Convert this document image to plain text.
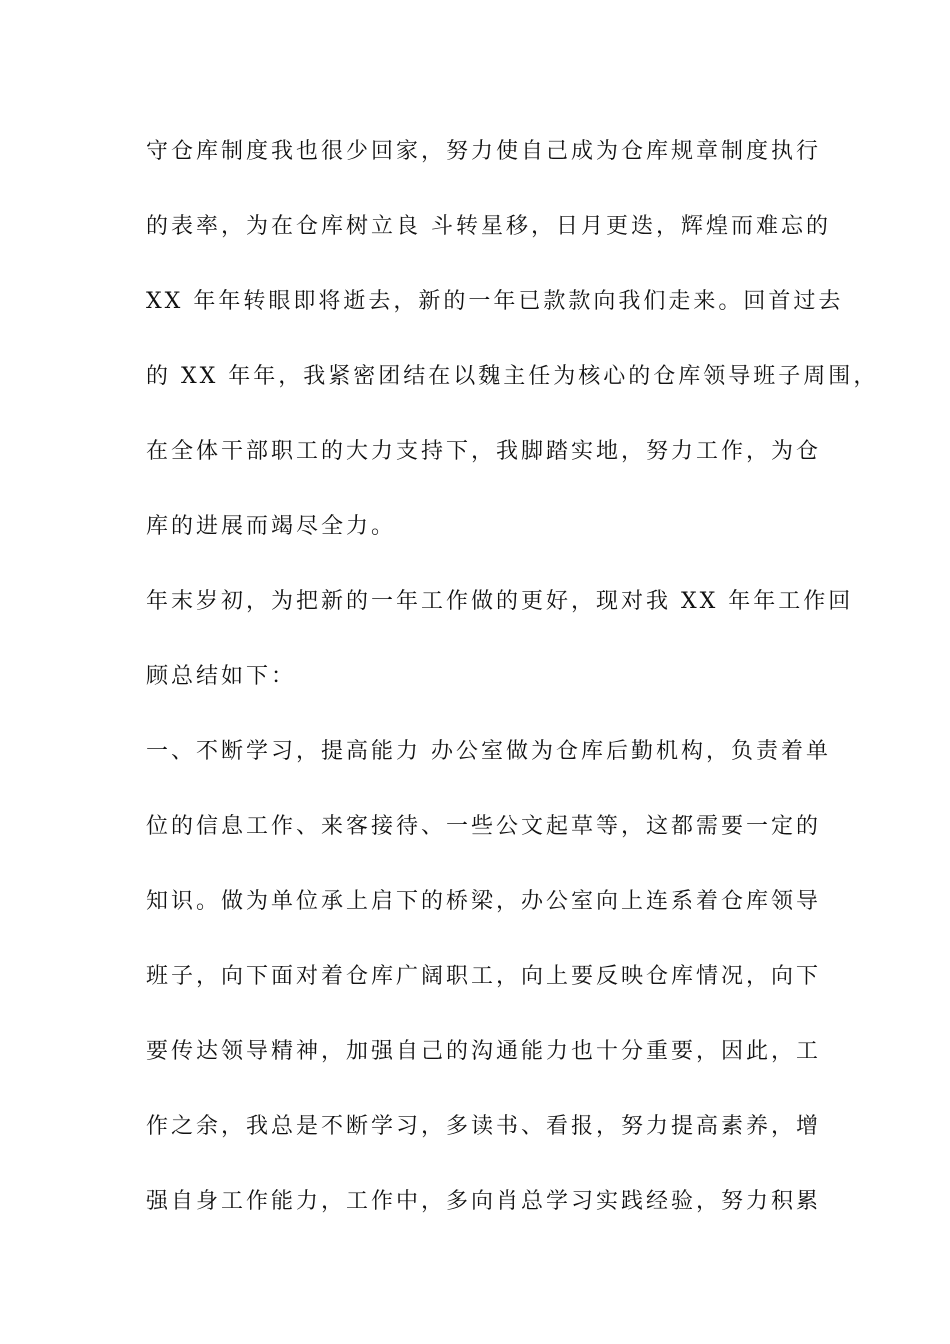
守仓库制度我也很少回家，努力使自己成为仓库规章制度执行
的表率，为在仓库树立良 斗转星移，日月更迭，辉煌而难忘的
XX 年年转眼即将逝去，新的一年已款款向我们走来。回首过去
的 XX 年年，我紧密团结在以魏主任为核心的仓库领导班子周围，
在全体干部职工的大力支持下，我脚踏实地，努力工作，为仓
库的进展而竭尽全力。
年末岁初，为把新的一年工作做的更好，现对我 XX 年年工作回
顾总结如下：
一、不断学习，提高能力 办公室做为仓库后勤机构，负责着单
位的信息工作、来客接待、一些公文起草等，这都需要一定的
知识。做为单位承上启下的桥梁，办公室向上连系着仓库领导
班子，向下面对着仓库广阔职工，向上要反映仓库情况，向下
要传达领导精神，加强自己的沟通能力也十分重要，因此，工
作之余，我总是不断学习，多读书、看报，努力提高素养，增
强自身工作能力，工作中，多向肖总学习实践经验，努力积累
